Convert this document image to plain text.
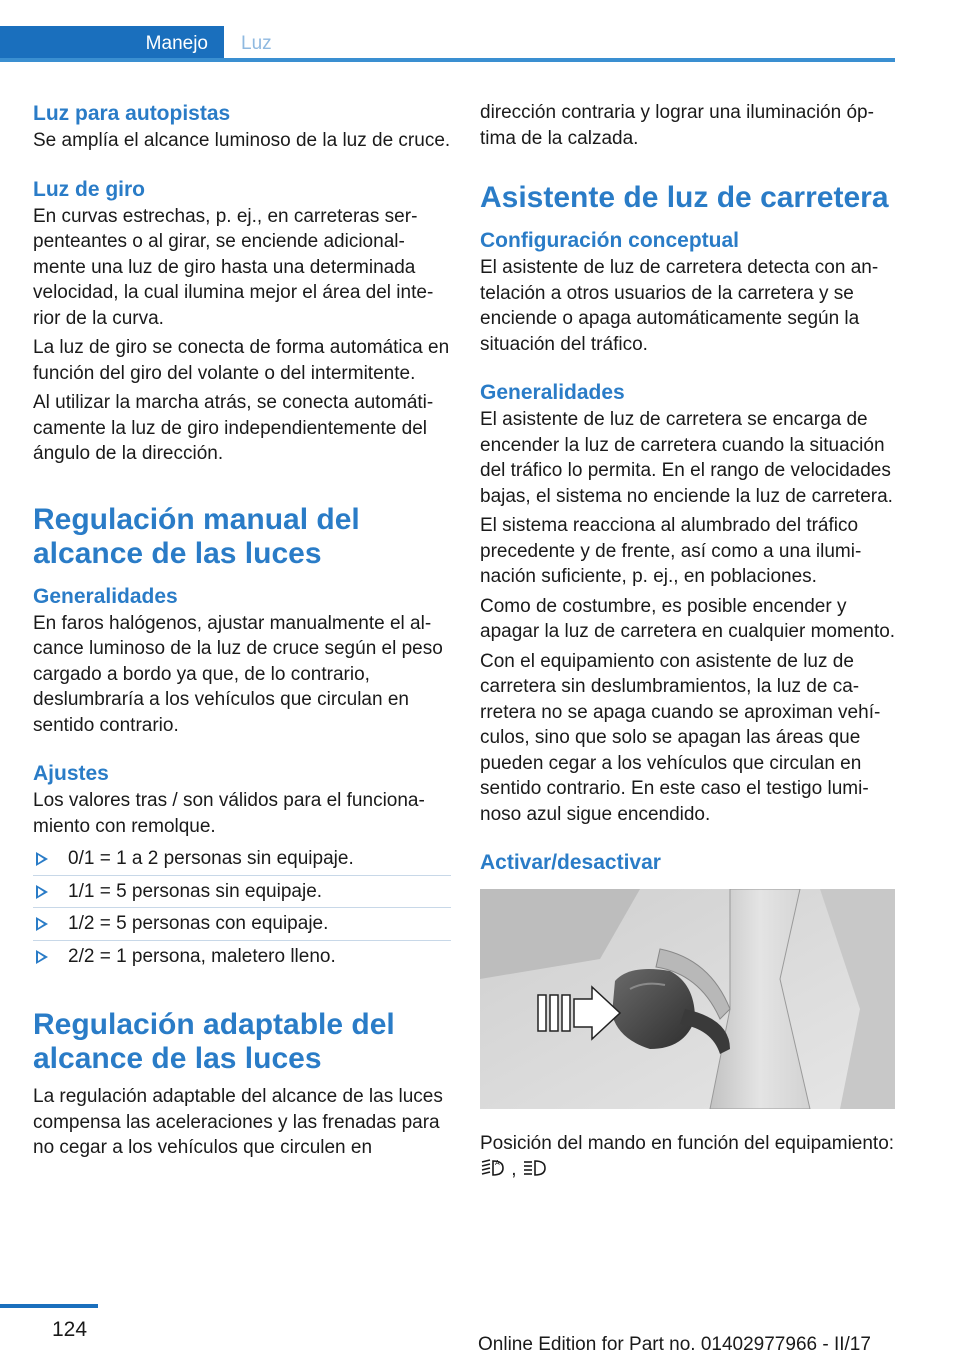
Manejo Luz
Luz para autopistas
Se amplía el alcance luminoso de la luz de cruce.
Luz de giro
En curvas estrechas, p. ej., en carreteras serpenteantes o al girar, se enciende adicionalmente una luz de giro hasta una determinada velocidad, la cual ilumina mejor el área del interior de la curva.
La luz de giro se conecta de forma automática en función del giro del volante o del intermitente.
Al utilizar la marcha atrás, se conecta automáticamente la luz de giro independientemente del ángulo de la dirección.
Regulación manual del alcance de las luces
Generalidades
En faros halógenos, ajustar manualmente el alcance luminoso de la luz de cruce según el peso cargado a bordo ya que, de lo contrario, deslumbraría a los vehículos que circulan en sentido contrario.
Ajustes
Los valores tras / son válidos para el funcionamiento con remolque.
0/1 = 1 a 2 personas sin equipaje.
1/1 = 5 personas sin equipaje.
1/2 = 5 personas con equipaje.
2/2 = 1 persona, maletero lleno.
Regulación adaptable del alcance de las luces
La regulación adaptable del alcance de las luces compensa las aceleraciones y las frenadas para no cegar a los vehículos que circulen en
dirección contraria y lograr una iluminación óptima de la calzada.
Asistente de luz de carretera
Configuración conceptual
El asistente de luz de carretera detecta con antelación a otros usuarios de la carretera y se enciende o apaga automáticamente según la situación del tráfico.
Generalidades
El asistente de luz de carretera se encarga de encender la luz de carretera cuando la situación del tráfico lo permita. En el rango de velocidades bajas, el sistema no enciende la luz de carretera.
El sistema reacciona al alumbrado del tráfico precedente y de frente, así como a una iluminación suficiente, p. ej., en poblaciones.
Como de costumbre, es posible encender y apagar la luz de carretera en cualquier momento.
Con el equipamiento con asistente de luz de carretera sin deslumbramientos, la luz de carretera no se apaga cuando se aproximan vehículos, sino que solo se apagan las áreas que pueden cegar a los vehículos que circulan en sentido contrario. En este caso el testigo luminoso azul sigue encendido.
Activar/desactivar
Posición del mando en función del equipamiento:
A ,
124
Online Edition for Part no. 01402977966 - II/17
